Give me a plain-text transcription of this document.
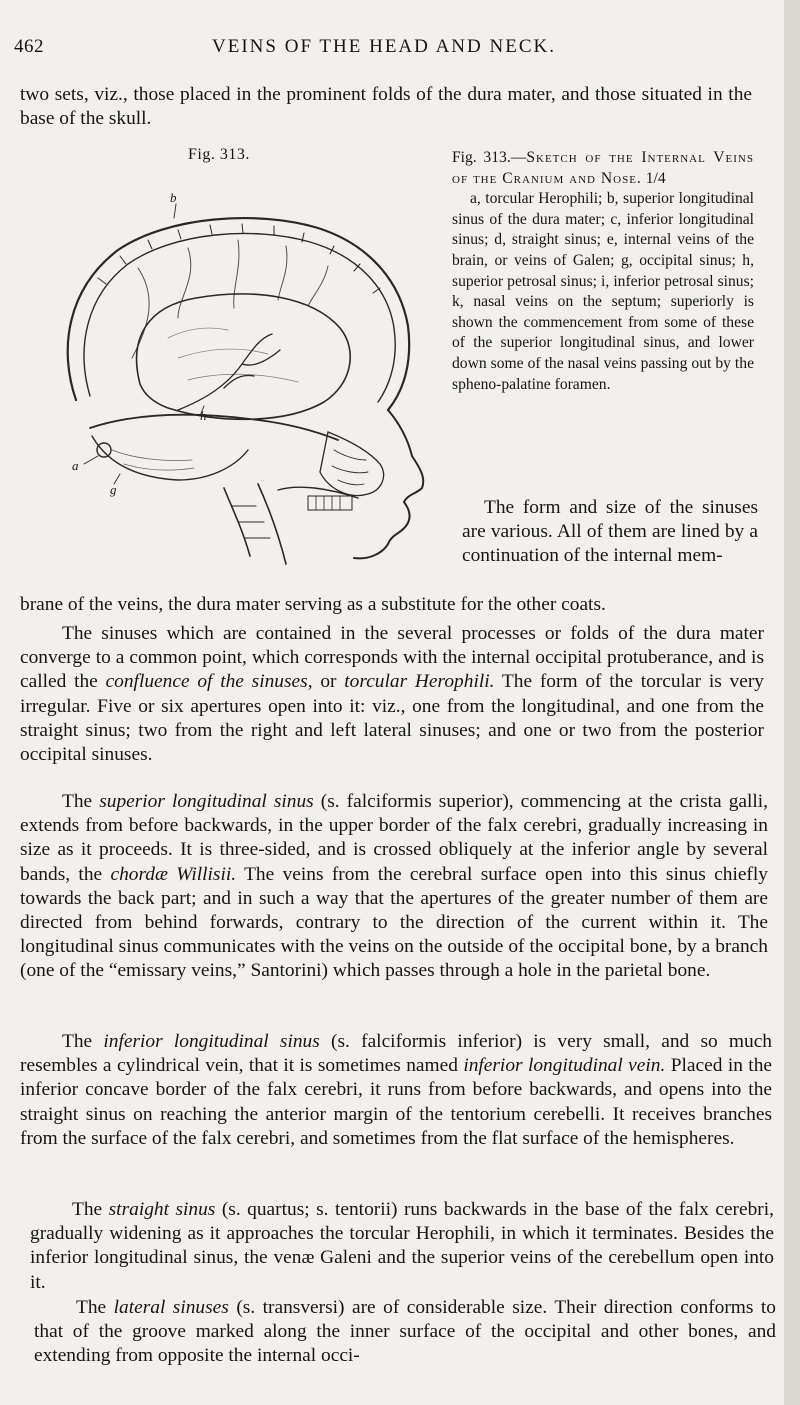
462	VEINS OF THE HEAD AND NECK.

two sets, viz., those placed in the prominent folds of the dura mater, and those situated in the base of the skull.

Fig. 313.
b
a
g
h
Fig. 313.—Sketch of the Internal Veins of the Cranium and Nose. 1/4
a, torcular Herophili; b, superior longitudinal sinus of the dura mater; c, inferior longitudinal sinus; d, straight sinus; e, internal veins of the brain, or veins of Galen; g, occipital sinus; h, superior petrosal sinus; i, inferior petrosal sinus; k, nasal veins on the septum; superiorly is shown the commencement from some of these of the superior longitudinal sinus, and lower down some of the nasal veins passing out by the spheno-palatine foramen.

The form and size of the sinuses are various. All of them are lined by a continuation of the internal mem-

brane of the veins, the dura mater serving as a substitute for the other coats.

The sinuses which are contained in the several processes or folds of the dura mater converge to a common point, which corresponds with the internal occipital protuberance, and is called the confluence of the sinuses, or torcular Herophili. The form of the torcular is very irregular. Five or six apertures open into it: viz., one from the longitudinal, and one from the straight sinus; two from the right and left lateral sinuses; and one or two from the posterior occipital sinuses.

The superior longitudinal sinus (s. falciformis superior), commencing at the crista galli, extends from before backwards, in the upper border of the falx cerebri, gradually increasing in size as it proceeds. It is three-sided, and is crossed obliquely at the inferior angle by several bands, the chordæ Willisii. The veins from the cerebral surface open into this sinus chiefly towards the back part; and in such a way that the apertures of the greater number of them are directed from behind forwards, contrary to the direction of the current within it. The longitudinal sinus communicates with the veins on the outside of the occipital bone, by a branch (one of the “emissary veins,” Santorini) which passes through a hole in the parietal bone.

The inferior longitudinal sinus (s. falciformis inferior) is very small, and so much resembles a cylindrical vein, that it is sometimes named inferior longitudinal vein. Placed in the inferior concave border of the falx cerebri, it runs from before backwards, and opens into the straight sinus on reaching the anterior margin of the tentorium cerebelli. It receives branches from the surface of the falx cerebri, and sometimes from the flat surface of the hemispheres.

The straight sinus (s. quartus; s. tentorii) runs backwards in the base of the falx cerebri, gradually widening as it approaches the torcular Herophili, in which it terminates. Besides the inferior longitudinal sinus, the venæ Galeni and the superior veins of the cerebellum open into it.

The lateral sinuses (s. transversi) are of considerable size. Their direction conforms to that of the groove marked along the inner surface of the occipital and other bones, and extending from opposite the internal occi-
